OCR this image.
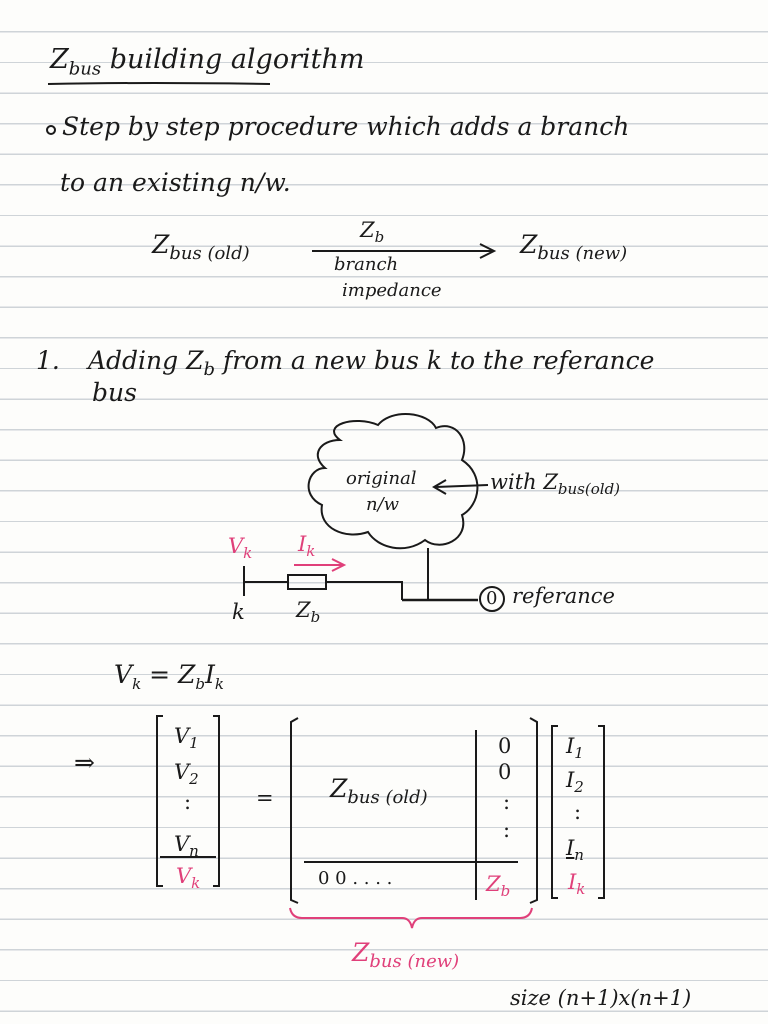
$Z_{bus}$ building algorithm
Step by step procedure which adds a branch
to an existing n/w.
$Z_{bus (old)}$
$Z_b$
branch
impedance
$Z_{bus (new)}$
1. Adding $Z_b$ from a new bus k to the referance
bus
original
n/w
with $Z_{bus(old)}$
$V_k$ $I_k$
k $Z_b$
0 referance
$V_k = Z_bI_k$
⇒
$V_1$
$V_2$
:
$V_n$
$V_k$
= $Z_{bus (old)}$
0
0
:
:
0 0 . . . .	$Z_b$
$I_1$
$I_2$
:
$I_n$
$I_k$
$Z_{bus (new)}$
size (n+1)x(n+1)
